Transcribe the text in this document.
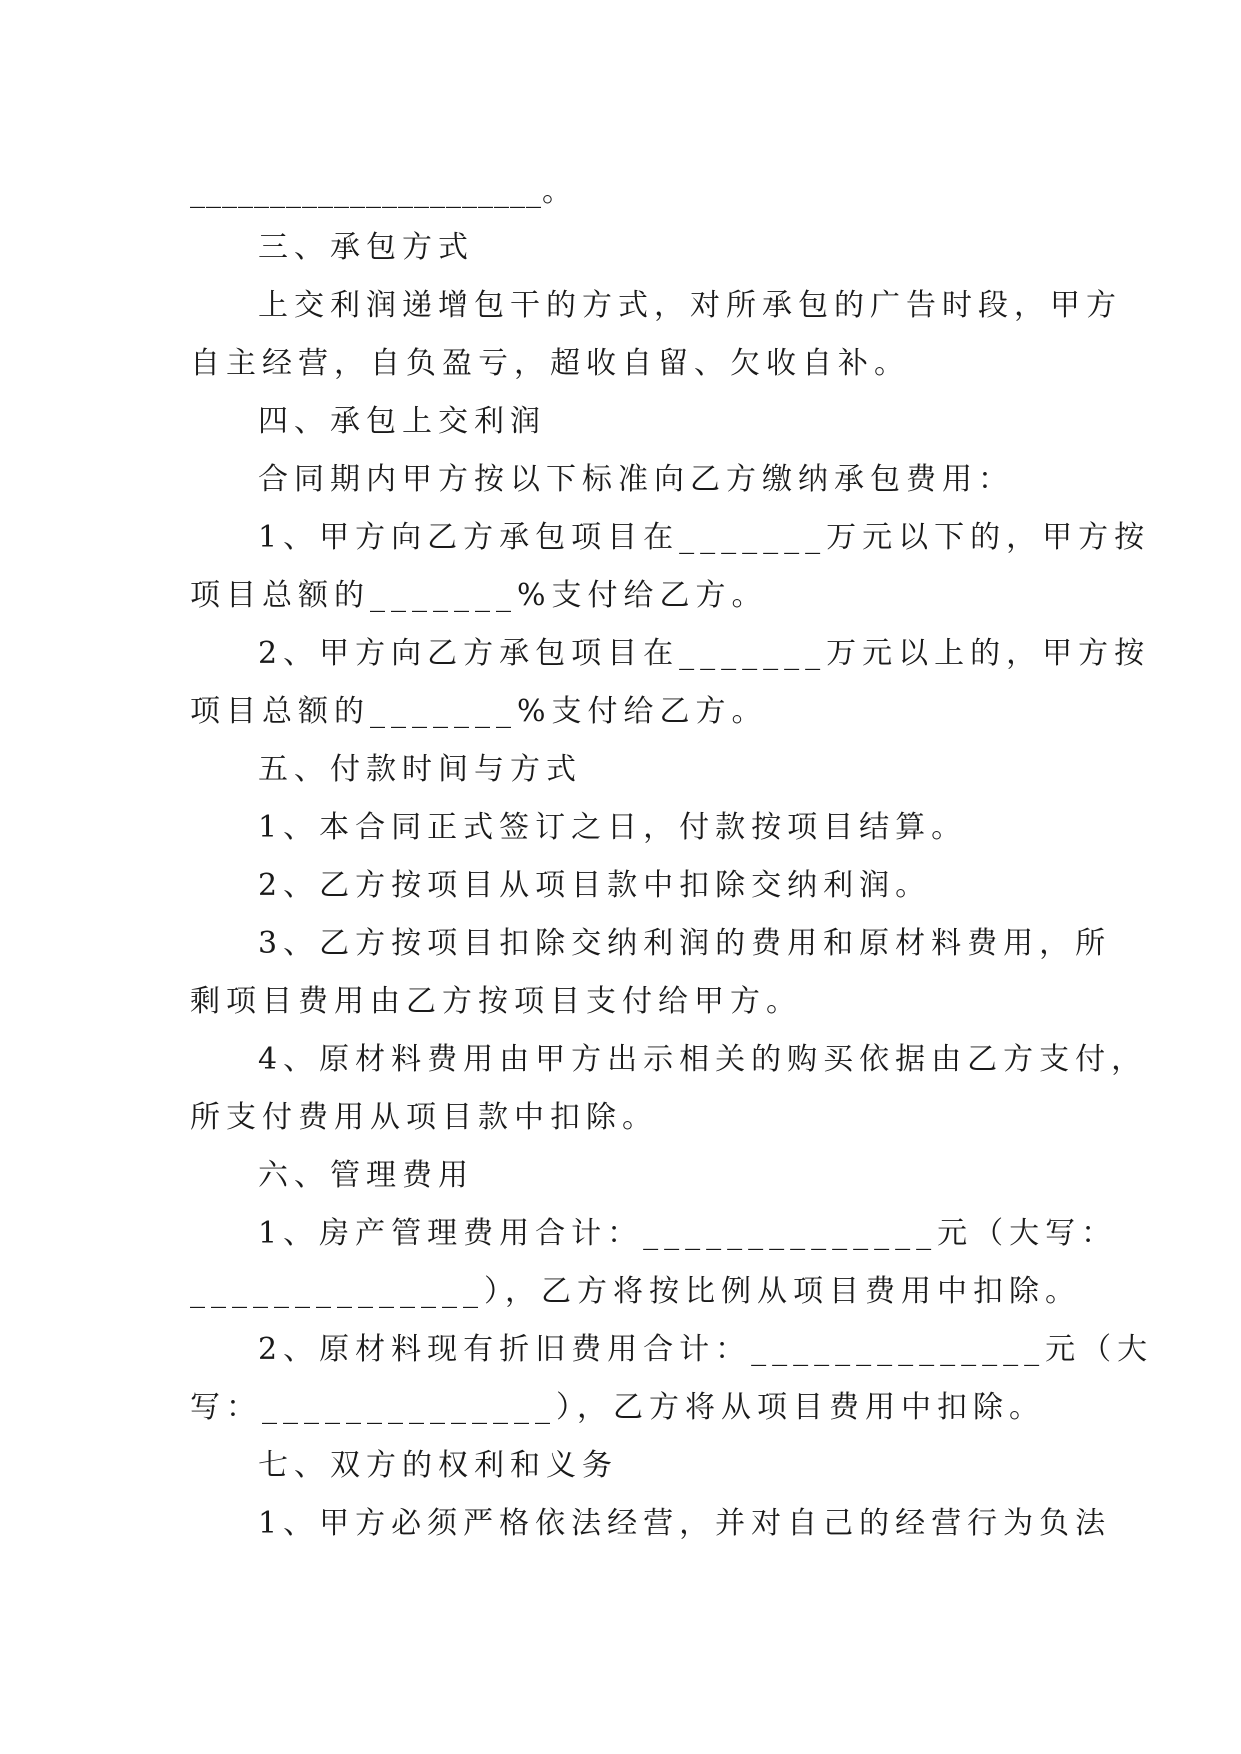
______________________。
三、承包方式
上交利润递增包干的方式，对所承包的广告时段，甲方
自主经营，自负盈亏，超收自留、欠收自补。
四、承包上交利润
合同期内甲方按以下标准向乙方缴纳承包费用：
1、甲方向乙方承包项目在_______万元以下的，甲方按
项目总额的_______%支付给乙方。
2、甲方向乙方承包项目在_______万元以上的，甲方按
项目总额的_______%支付给乙方。
五、付款时间与方式
1、本合同正式签订之日，付款按项目结算。
2、乙方按项目从项目款中扣除交纳利润。
3、乙方按项目扣除交纳利润的费用和原材料费用，所
剩项目费用由乙方按项目支付给甲方。
4、原材料费用由甲方出示相关的购买依据由乙方支付，
所支付费用从项目款中扣除。
六、管理费用
1、房产管理费用合计：______________元（大写：
______________），乙方将按比例从项目费用中扣除。
2、原材料现有折旧费用合计：______________元（大
写：______________），乙方将从项目费用中扣除。
七、双方的权利和义务
1、甲方必须严格依法经营，并对自己的经营行为负法
